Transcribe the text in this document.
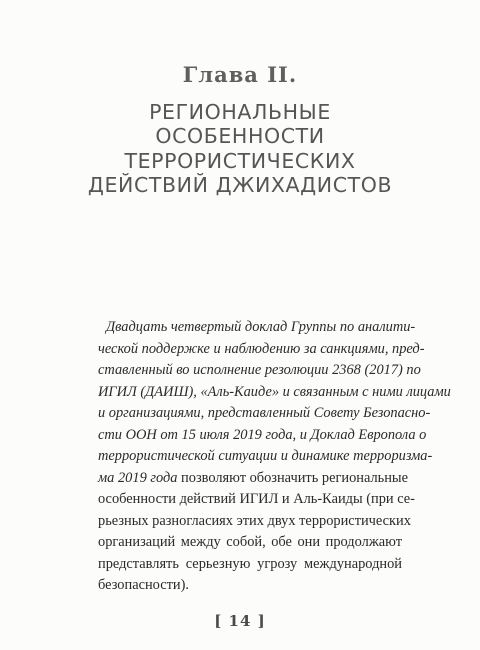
Глава II.
РЕГИОНАЛЬНЫЕ
ОСОБЕННОСТИ
ТЕРРОРИСТИЧЕСКИХ
ДЕЙСТВИЙ ДЖИХАДИСТОВ
Двадцать четвертый доклад Группы по аналити-
ческой поддержке и наблюдению за санкциями, пред-
ставленный во исполнение резолюции 2368 (2017) по
ИГИЛ (ДАИШ), «Аль-Каиде» и связанным с ними лицами
и организациями, представленный Совету Безопасно-
сти ООН от 15 июля 2019 года, и Доклад Европола о
террористической ситуации и динамике терроризма-
ма 2019 года позволяют обозначить региональные
особенности действий ИГИЛ и Аль-Каиды (при се-
рьезных разногласиях этих двух террористических
организаций между собой, обе они продолжают
представлять серьезную угрозу международной
безопасности).
[ 14 ]
